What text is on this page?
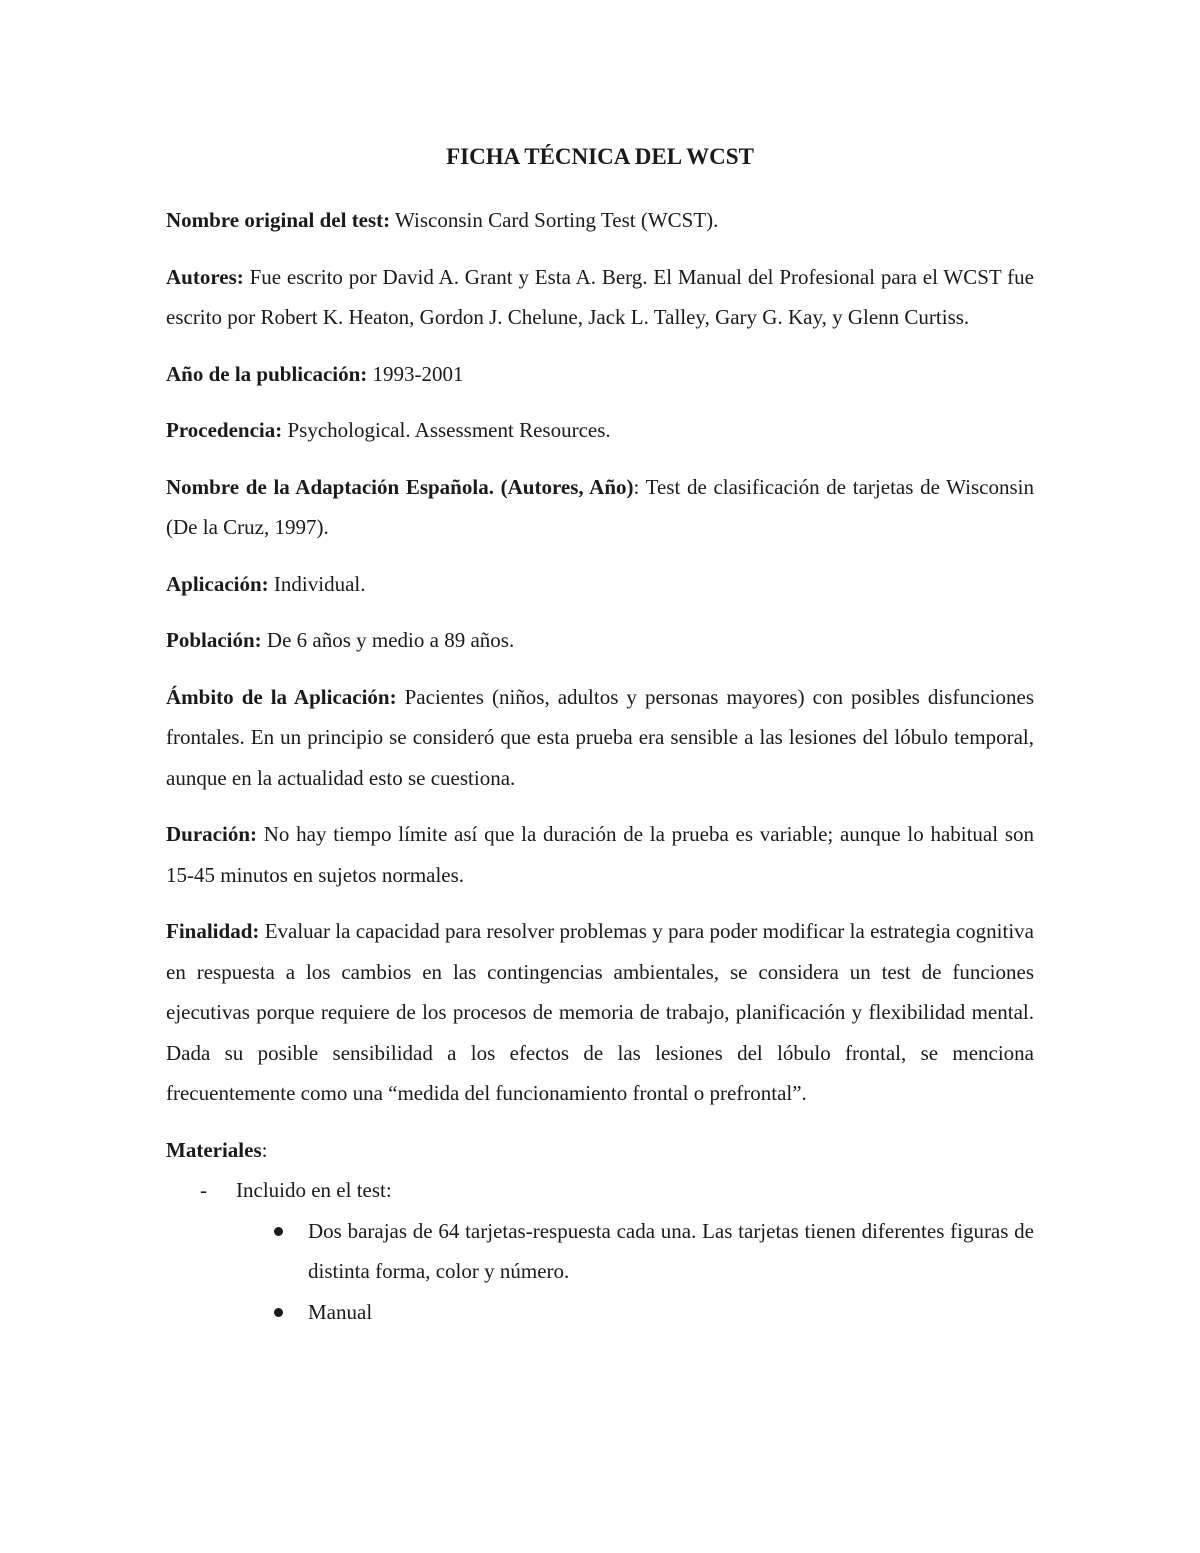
FICHA TÉCNICA DEL WCST

Nombre original del test: Wisconsin Card Sorting Test (WCST).

Autores: Fue escrito por David A. Grant y Esta A. Berg. El Manual del Profesional para el WCST fue escrito por Robert K. Heaton, Gordon J. Chelune, Jack L. Talley, Gary G. Kay, y Glenn Curtiss.

Año de la publicación: 1993-2001

Procedencia: Psychological. Assessment Resources.

Nombre de la Adaptación Española. (Autores, Año): Test de clasificación de tarjetas de Wisconsin (De la Cruz, 1997).

Aplicación: Individual.

Población: De 6 años y medio a 89 años.

Ámbito de la Aplicación: Pacientes (niños, adultos y personas mayores) con posibles disfunciones frontales. En un principio se consideró que esta prueba era sensible a las lesiones del lóbulo temporal, aunque en la actualidad esto se cuestiona.

Duración: No hay tiempo límite así que la duración de la prueba es variable; aunque lo habitual son 15-45 minutos en sujetos normales.

Finalidad: Evaluar la capacidad para resolver problemas y para poder modificar la estrategia cognitiva en respuesta a los cambios en las contingencias ambientales, se considera un test de funciones ejecutivas porque requiere de los procesos de memoria de trabajo, planificación y flexibilidad mental. Dada su posible sensibilidad a los efectos de las lesiones del lóbulo frontal, se menciona frecuentemente como una “medida del funcionamiento frontal o prefrontal”.

Materiales:

- Incluido en el test:

Dos barajas de 64 tarjetas-respuesta cada una. Las tarjetas tienen diferentes figuras de distinta forma, color y número.

Manual
